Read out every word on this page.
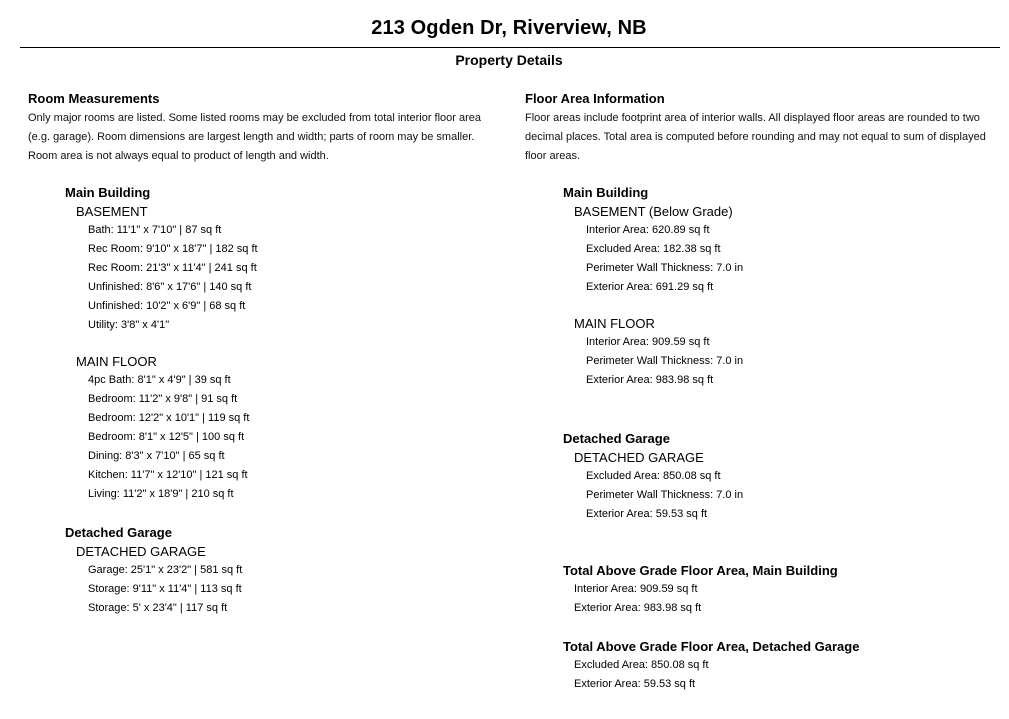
213 Ogden Dr, Riverview, NB
Property Details
Room Measurements
Only major rooms are listed. Some listed rooms may be excluded from total interior floor area
(e.g. garage). Room dimensions are largest length and width; parts of room may be smaller.
Room area is not always equal to product of length and width.
Main Building
BASEMENT
Bath: 11'1" x 7'10" | 87 sq ft
Rec Room: 9'10" x 18'7" | 182 sq ft
Rec Room: 21'3" x 11'4" | 241 sq ft
Unfinished: 8'6" x 17'6" | 140 sq ft
Unfinished: 10'2" x 6'9" | 68 sq ft
Utility: 3'8" x 4'1"
MAIN FLOOR
4pc Bath: 8'1" x 4'9" | 39 sq ft
Bedroom: 11'2" x 9'8" | 91 sq ft
Bedroom: 12'2" x 10'1" | 119 sq ft
Bedroom: 8'1" x 12'5" | 100 sq ft
Dining: 8'3" x 7'10" | 65 sq ft
Kitchen: 11'7" x 12'10" | 121 sq ft
Living: 11'2" x 18'9" | 210 sq ft
Detached Garage
DETACHED GARAGE
Garage: 25'1" x 23'2" | 581 sq ft
Storage: 9'11" x 11'4" | 113 sq ft
Storage: 5' x 23'4" | 117 sq ft
Floor Area Information
Floor areas include footprint area of interior walls. All displayed floor areas are rounded to two
decimal places. Total area is computed before rounding and may not equal to sum of displayed
floor areas.
Main Building
BASEMENT (Below Grade)
Interior Area: 620.89 sq ft
Excluded Area: 182.38 sq ft
Perimeter Wall Thickness: 7.0 in
Exterior Area: 691.29 sq ft
MAIN FLOOR
Interior Area: 909.59 sq ft
Perimeter Wall Thickness: 7.0 in
Exterior Area: 983.98 sq ft
Detached Garage
DETACHED GARAGE
Excluded Area: 850.08 sq ft
Perimeter Wall Thickness: 7.0 in
Exterior Area: 59.53 sq ft
Total Above Grade Floor Area, Main Building
Interior Area: 909.59 sq ft
Exterior Area: 983.98 sq ft
Total Above Grade Floor Area, Detached Garage
Excluded Area: 850.08 sq ft
Exterior Area: 59.53 sq ft
